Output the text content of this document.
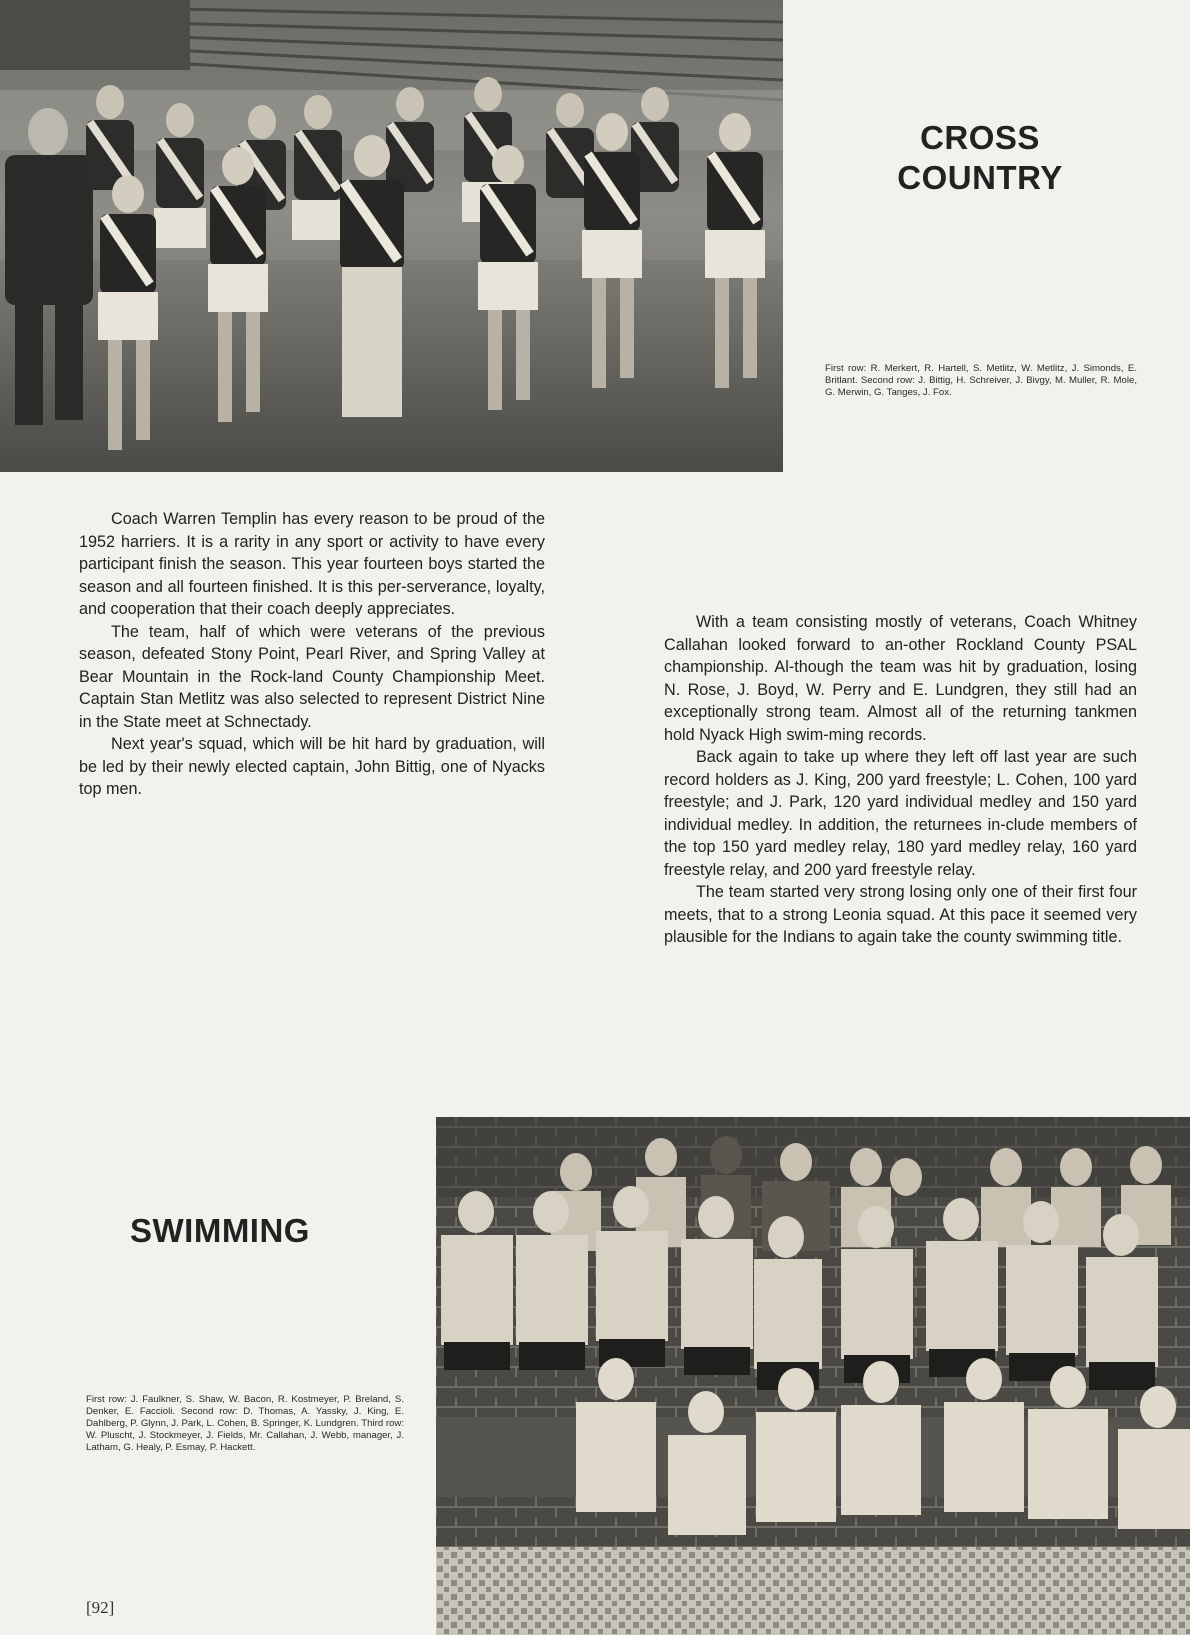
CROSS COUNTRY
First row: R. Merkert, R. Hartell, S. Metlitz, W. Metlitz, J. Simonds, E. Britlant. Second row: J. Bittig, H. Schreiver, J. Bivgy, M. Muller, R. Mole, G. Merwin, G. Tanges, J. Fox.

Coach Warren Templin has every reason to be proud of the 1952 harriers. It is a rarity in any sport or activity to have every participant finish the season. This year fourteen boys started the season and all fourteen finished. It is this per-serverance, loyalty, and cooperation that their coach deeply appreciates.

The team, half of which were veterans of the previous season, defeated Stony Point, Pearl River, and Spring Valley at Bear Mountain in the Rock-land County Championship Meet. Captain Stan Metlitz was also selected to represent District Nine in the State meet at Schnectady.

Next year's squad, which will be hit hard by graduation, will be led by their newly elected captain, John Bittig, one of Nyacks top men.

With a team consisting mostly of veterans, Coach Whitney Callahan looked forward to an-other Rockland County PSAL championship. Al-though the team was hit by graduation, losing N. Rose, J. Boyd, W. Perry and E. Lundgren, they still had an exceptionally strong team. Almost all of the returning tankmen hold Nyack High swim-ming records.

Back again to take up where they left off last year are such record holders as J. King, 200 yard freestyle; L. Cohen, 100 yard freestyle; and J. Park, 120 yard individual medley and 150 yard individual medley. In addition, the returnees in-clude members of the top 150 yard medley relay, 180 yard medley relay, 160 yard freestyle relay, and 200 yard freestyle relay.

The team started very strong losing only one of their first four meets, that to a strong Leonia squad. At this pace it seemed very plausible for the Indians to again take the county swimming title.

SWIMMING
First row: J. Faulkner, S. Shaw, W. Bacon, R. Kostmeyer, P. Breland, S. Denker, E. Faccioli. Second row: D. Thomas, A. Yassky, J. King, E. Dahlberg, P. Glynn, J. Park, L. Cohen, B. Springer, K. Lundgren. Third row: W. Pluscht, J. Stockmeyer, J. Fields, Mr. Callahan, J. Webb, manager, J. Latham, G. Healy, P. Esmay, P. Hackett.
[92]
